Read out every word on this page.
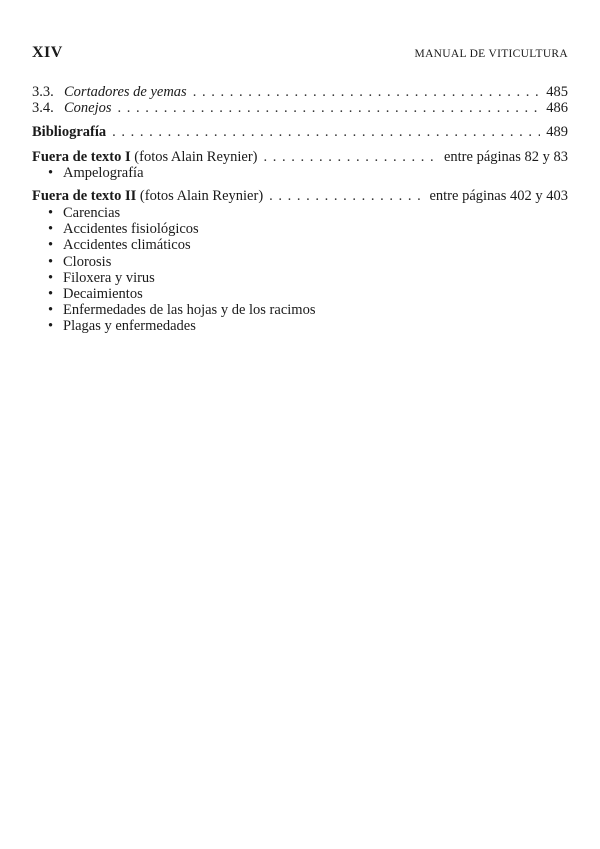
XIV	MANUAL DE VITICULTURA
3.3. Cortadores de yemas . . .	485
3.4. Conejos . . .	486
Bibliografía . . .	489
Fuera de texto I (fotos Alain Reynier) . . .	entre páginas 82 y 83
• Ampelografía
Fuera de texto II (fotos Alain Reynier) . . .	entre páginas 402 y 403
• Carencias
• Accidentes fisiológicos
• Accidentes climáticos
• Clorosis
• Filoxera y virus
• Decaimientos
• Enfermedades de las hojas y de los racimos
• Plagas y enfermedades
